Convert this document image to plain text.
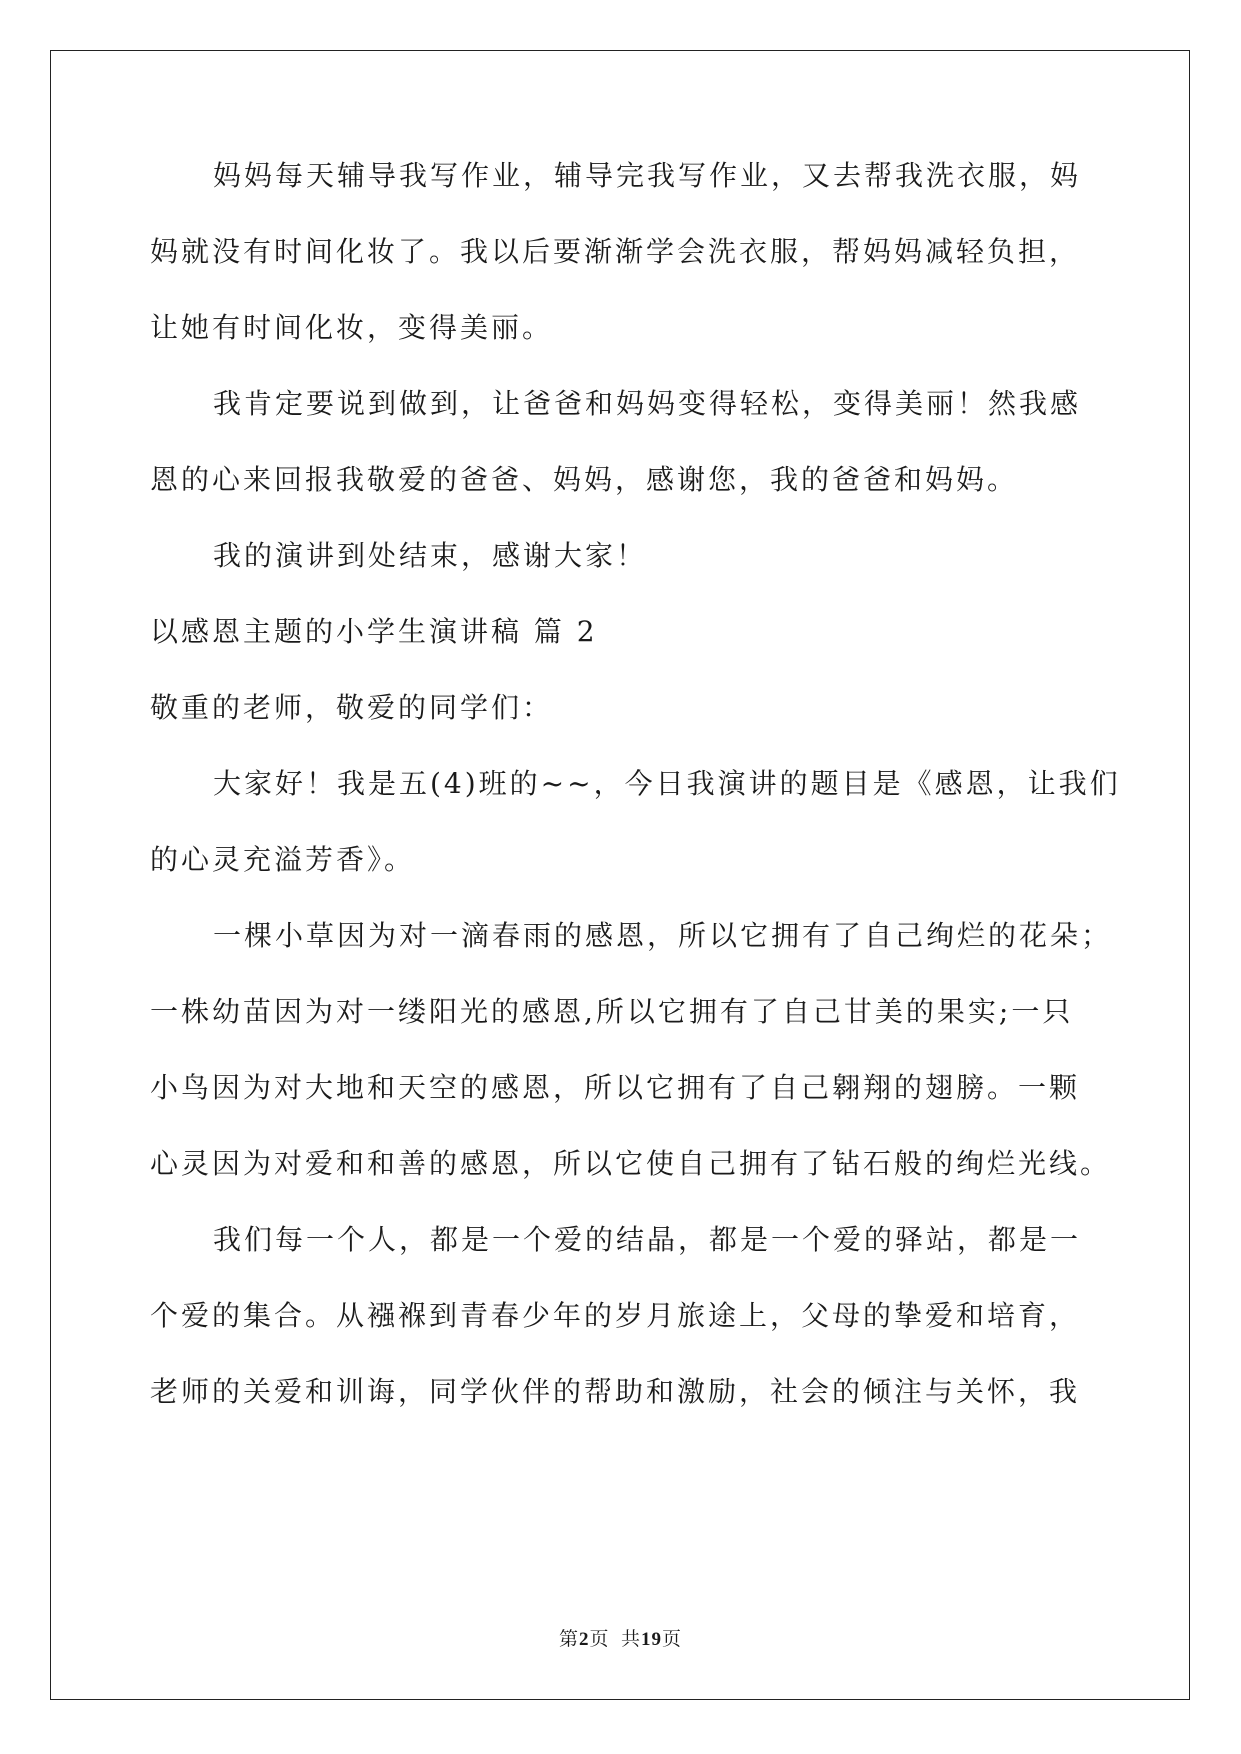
妈妈每天辅导我写作业，辅导完我写作业，又去帮我洗衣服，妈
妈就没有时间化妆了。我以后要渐渐学会洗衣服，帮妈妈减轻负担，
让她有时间化妆，变得美丽。
我肯定要说到做到，让爸爸和妈妈变得轻松，变得美丽！然我感
恩的心来回报我敬爱的爸爸、妈妈，感谢您，我的爸爸和妈妈。
我的演讲到处结束，感谢大家！
以感恩主题的小学生演讲稿 篇 2
敬重的老师，敬爱的同学们：
大家好！我是五(4)班的~~，今日我演讲的题目是《感恩，让我们
的心灵充溢芳香》。
一棵小草因为对一滴春雨的感恩，所以它拥有了自己绚烂的花朵；
一株幼苗因为对一缕阳光的感恩,所以它拥有了自己甘美的果实;一只
小鸟因为对大地和天空的感恩，所以它拥有了自己翱翔的翅膀。一颗
心灵因为对爱和和善的感恩，所以它使自己拥有了钻石般的绚烂光线。
我们每一个人，都是一个爱的结晶，都是一个爱的驿站，都是一
个爱的集合。从襁褓到青春少年的岁月旅途上，父母的挚爱和培育，
老师的关爱和训诲，同学伙伴的帮助和激励，社会的倾注与关怀，我
第2页  共19页
